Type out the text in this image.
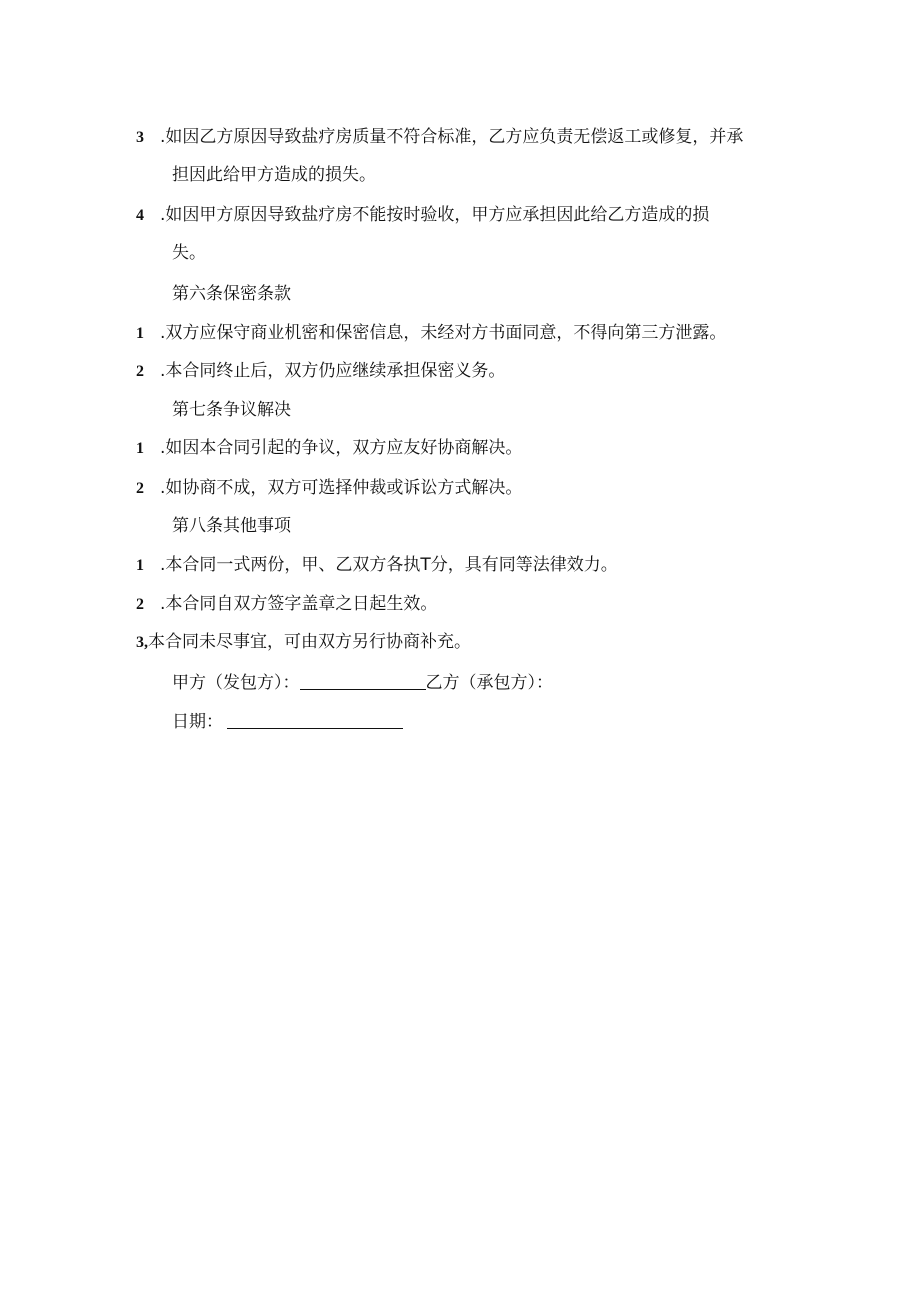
3 .如因乙方原因导致盐疗房质量不符合标准，乙方应负责无偿返工或修复，并承
担因此给甲方造成的损失。
4 .如因甲方原因导致盐疗房不能按时验收，甲方应承担因此给乙方造成的损
失。
第六条保密条款
1 .双方应保守商业机密和保密信息，未经对方书面同意，不得向第三方泄露。
2 .本合同终止后，双方仍应继续承担保密义务。
第七条争议解决
1 .如因本合同引起的争议，双方应友好协商解决。
2 .如协商不成，双方可选择仲裁或诉讼方式解决。
第八条其他事项
1 .本合同一式两份，甲、乙双方各执T分，具有同等法律效力。
2 .本合同自双方签字盖章之日起生效。
3,本合同未尽事宜，可由双方另行协商补充。
甲方（发包方）：	乙方（承包方）：
日期：
